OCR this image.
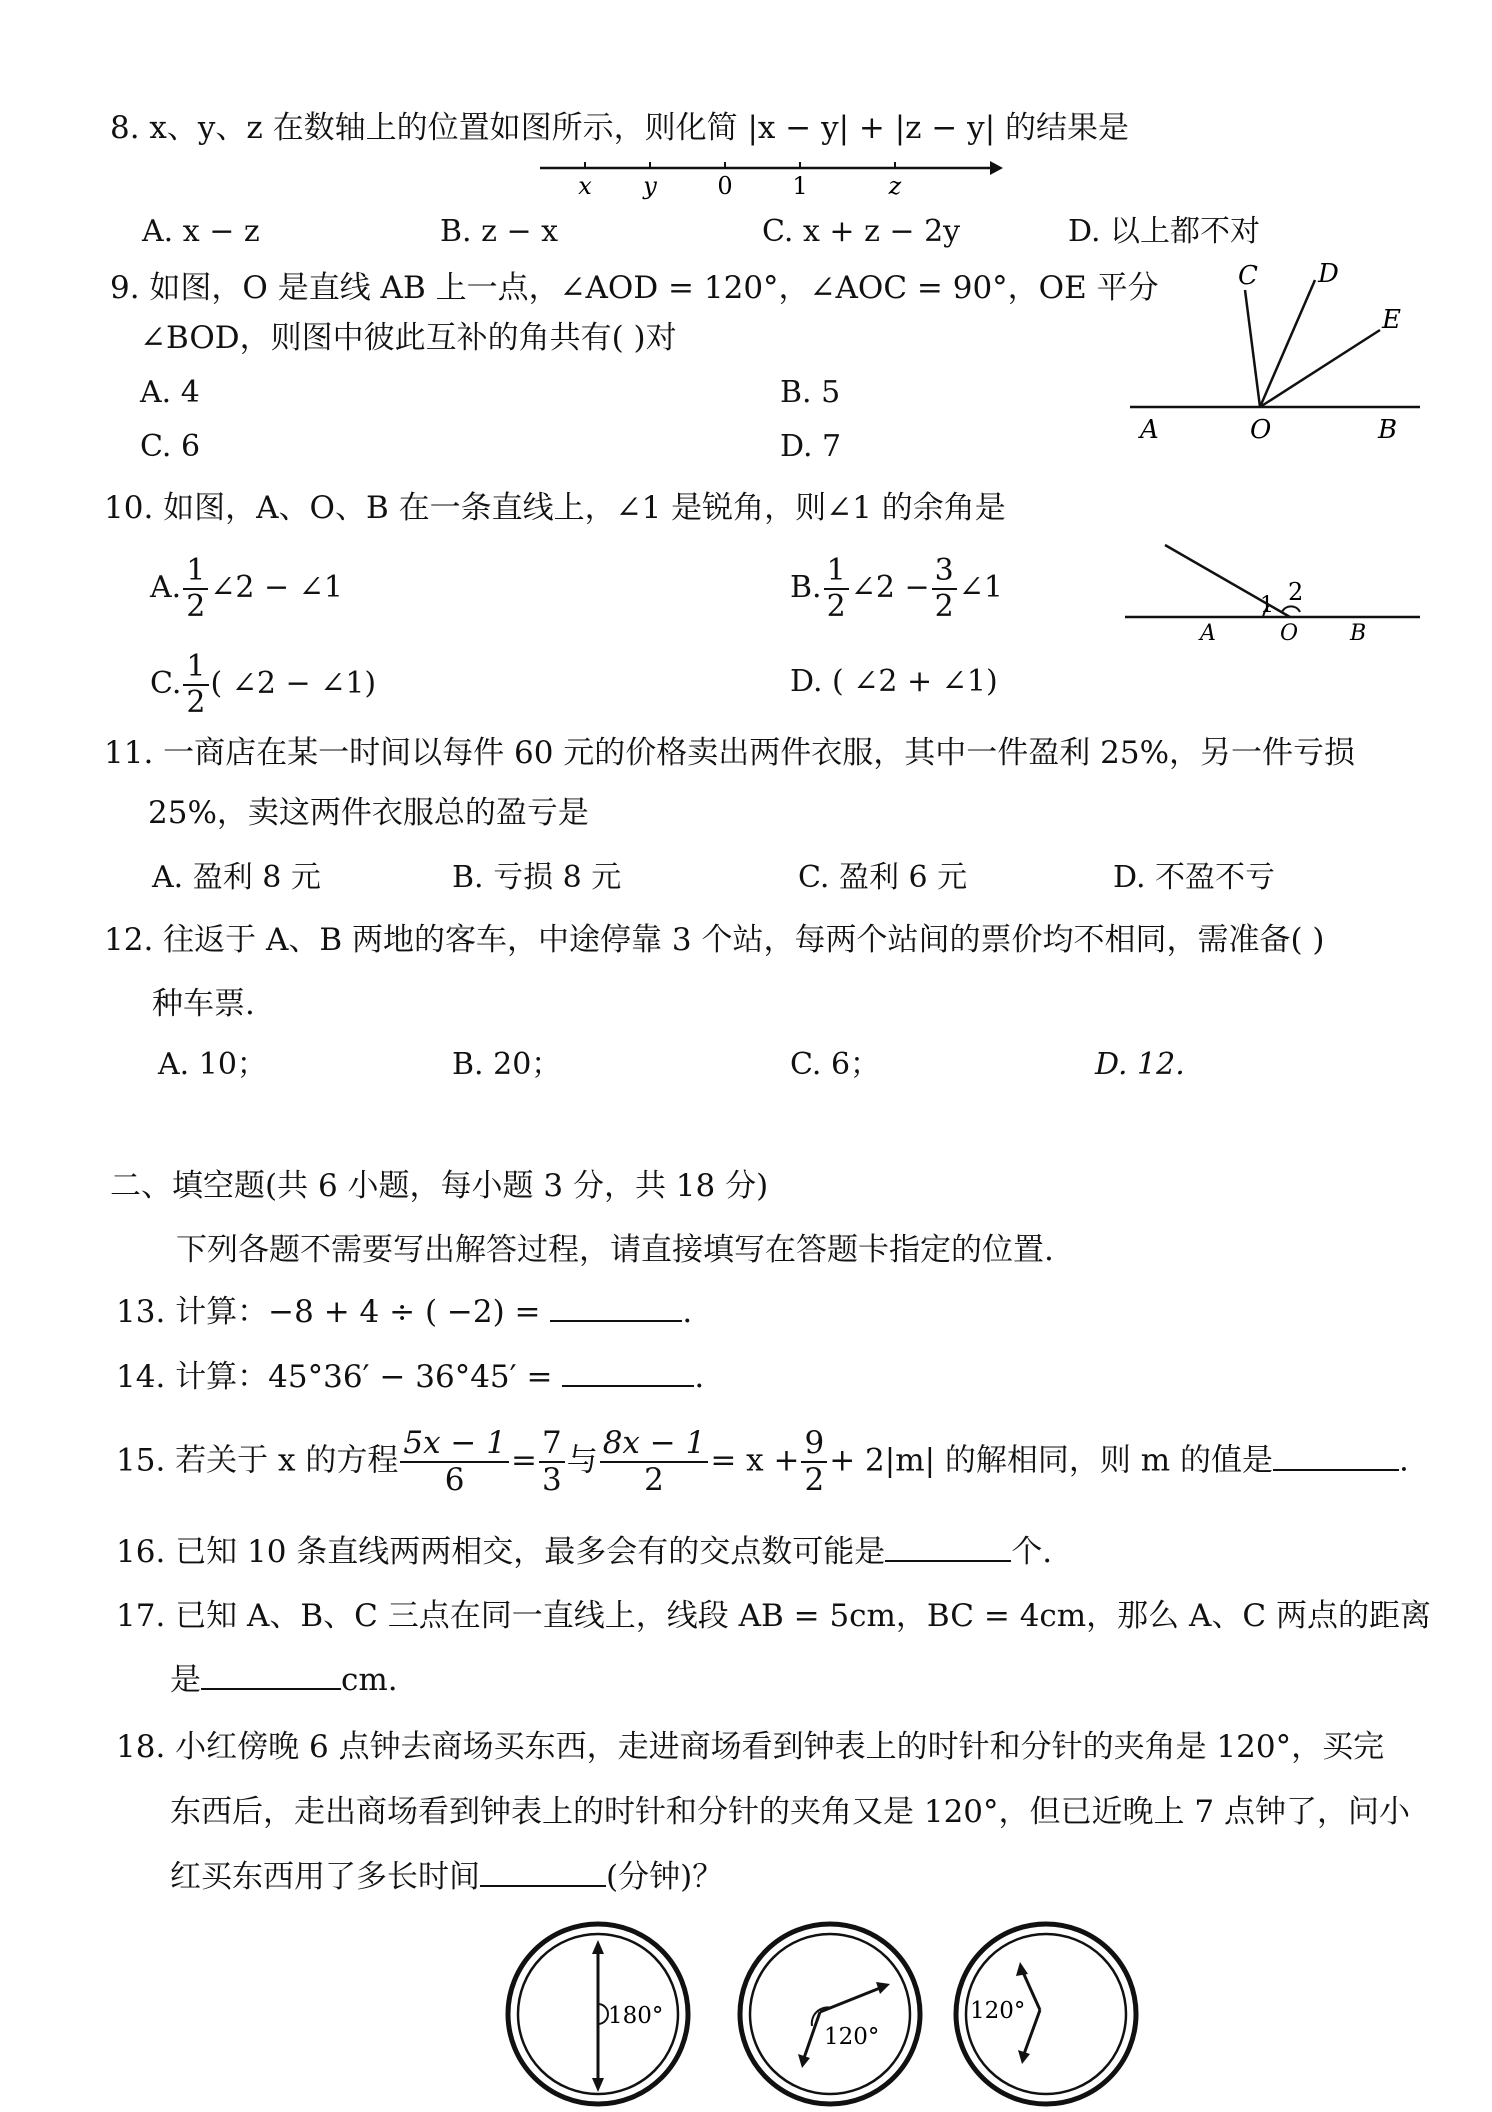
8. x、y、z 在数轴上的位置如图所示，则化简 |x − y| + |z − y| 的结果是
x y	0 1	z
A. x − z	B. z − x	C. x + z − 2y	D. 以上都不对
9. 如图，O 是直线 AB 上一点，∠AOD = 120°，∠AOC = 90°，OE 平分
∠BOD，则图中彼此互补的角共有( )对
A. 4	B. 5
C. 6	D. 7
C D
E
A	O	B
10. 如图，A、O、B 在一条直线上，∠1 是锐角，则∠1 的余角是
A. $\frac{1}{2}$ ∠2 − ∠1	B. $\frac{1}{2}$ ∠2 − $\frac{3}{2}$ ∠1
C. $\frac{1}{2}$ ( ∠2 − ∠1)	D. ( ∠2 + ∠1)
1 2
A	O B
11. 一商店在某一时间以每件 60 元的价格卖出两件衣服，其中一件盈利 25%，另一件亏损
25%，卖这两件衣服总的盈亏是
A. 盈利 8 元	B. 亏损 8 元	C. 盈利 6 元	D. 不盈不亏
12. 往返于 A、B 两地的客车，中途停靠 3 个站，每两个站间的票价均不相同，需准备( )
种车票.
A. 10；	B. 20；	C. 6；	D. 12.
二、填空题(共 6 小题，每小题 3 分，共 18 分)
下列各题不需要写出解答过程，请直接填写在答题卡指定的位置.
13. 计算：−8 + 4 ÷ ( −2) =	.
14. 计算：45°36′ − 36°45′ =	.
15. 若关于 x 的方程 $\frac{5x - 1}{6} = \frac{7}{3}$ 与 $\frac{8x - 1}{2} = x + \frac{9}{2} + 2|m|$ 的解相同，则 m 的值是	.
16. 已知 10 条直线两两相交，最多会有的交点数可能是	个.
17. 已知 A、B、C 三点在同一直线上，线段 AB = 5cm，BC = 4cm，那么 A、C 两点的距离
是	cm.
18. 小红傍晚 6 点钟去商场买东西，走进商场看到钟表上的时针和分针的夹角是 120°，买完
东西后，走出商场看到钟表上的时针和分针的夹角又是 120°，但已近晚上 7 点钟了，问小
红买东西用了多长时间	(分钟)？
180°
120°
120°
